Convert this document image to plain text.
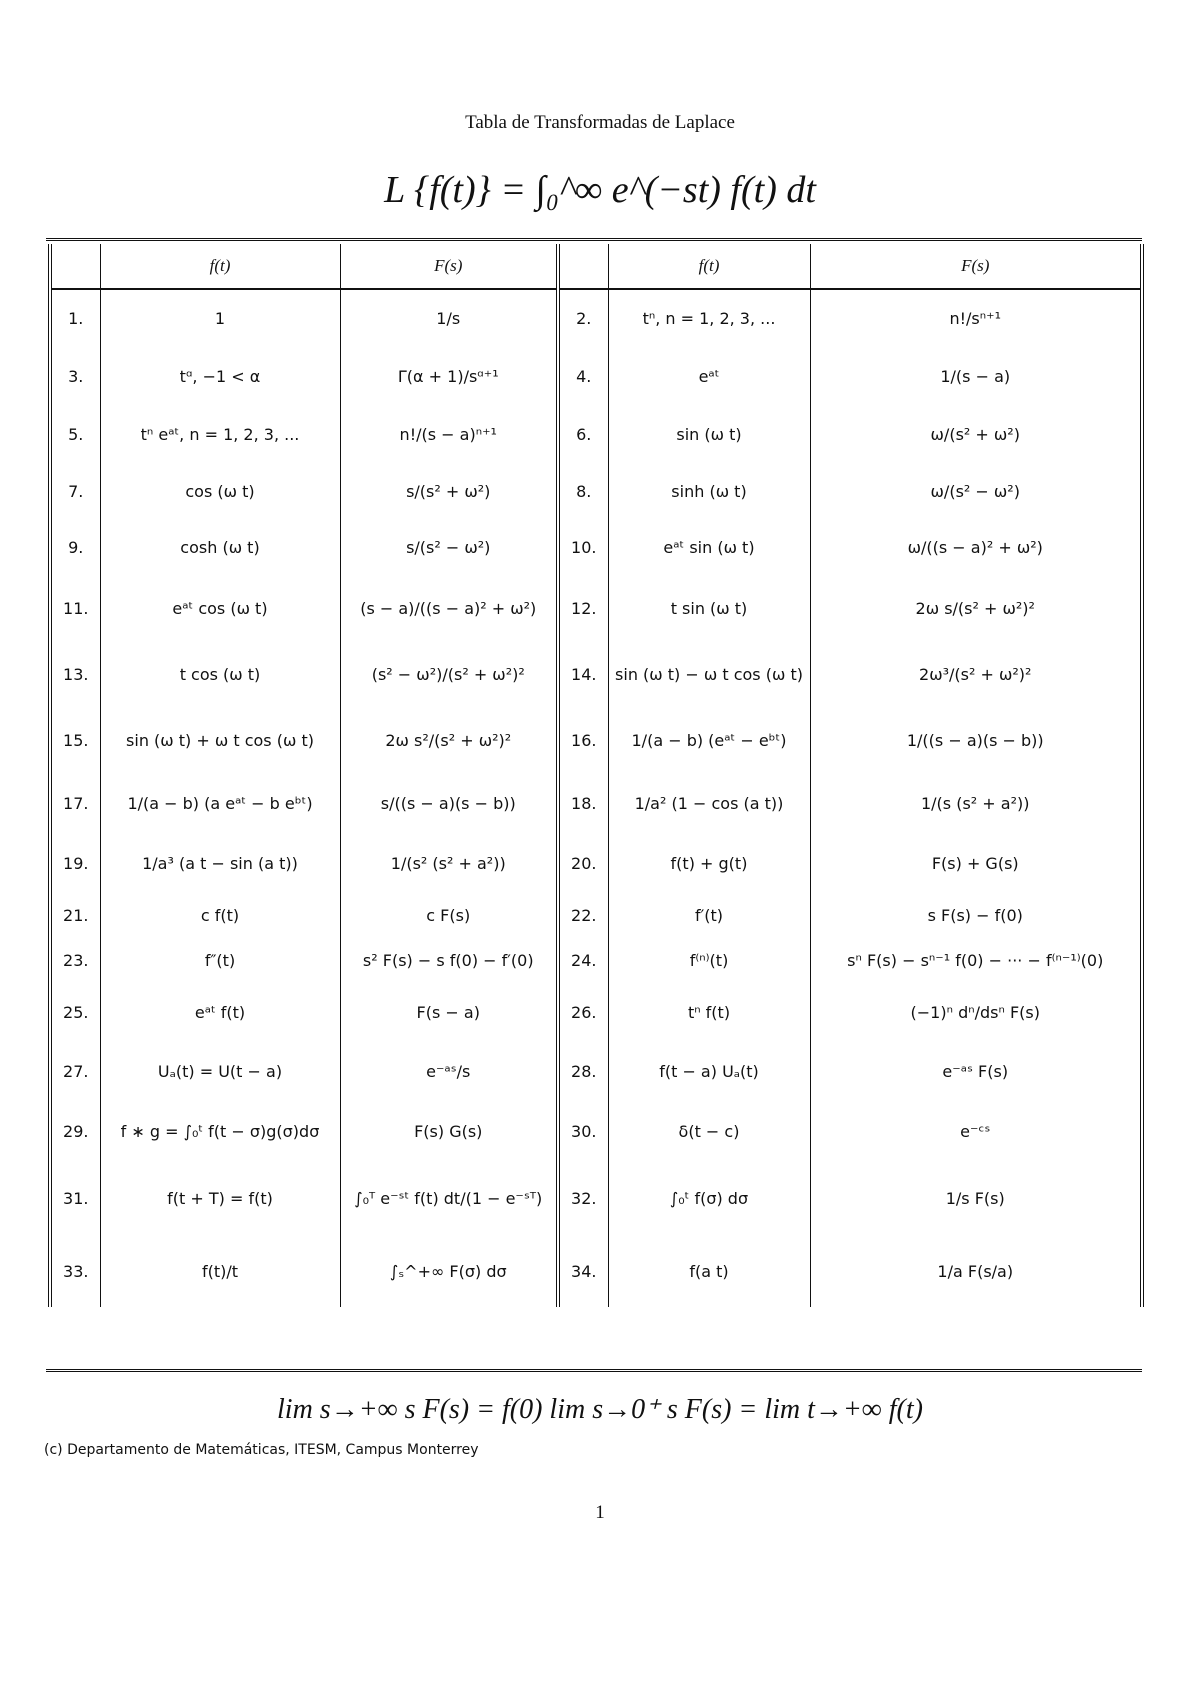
Tabla de Transformadas de Laplace
L {f(t)} = ∫₀^∞ e^(−st) f(t) dt
	f(t)	F(s)		f(t)	F(s)
1.	1	1/s	2.	tⁿ, n = 1, 2, 3, ...	n!/sⁿ⁺¹
3.	tᵅ, −1 < α	Γ(α + 1)/sᵅ⁺¹	4.	eᵃᵗ	1/(s − a)
5.	tⁿ eᵃᵗ, n = 1, 2, 3, ...	n!/(s − a)ⁿ⁺¹	6.	sin (ω t)	ω/(s² + ω²)
7.	cos (ω t)	s/(s² + ω²)	8.	sinh (ω t)	ω/(s² − ω²)
9.	cosh (ω t)	s/(s² − ω²)	10.	eᵃᵗ sin (ω t)	ω/((s − a)² + ω²)
11.	eᵃᵗ cos (ω t)	(s − a)/((s − a)² + ω²)	12.	t sin (ω t)	2ω s/(s² + ω²)²
13.	t cos (ω t)	(s² − ω²)/(s² + ω²)²	14.	sin (ω t) − ω t cos (ω t)	2ω³/(s² + ω²)²
15.	sin (ω t) + ω t cos (ω t)	2ω s²/(s² + ω²)²	16.	1/(a − b) (eᵃᵗ − eᵇᵗ)	1/((s − a)(s − b))
17.	1/(a − b) (a eᵃᵗ − b eᵇᵗ)	s/((s − a)(s − b))	18.	1/a² (1 − cos (a t))	1/(s (s² + a²))
19.	1/a³ (a t − sin (a t))	1/(s² (s² + a²))	20.	f(t) + g(t)	F(s) + G(s)
21.	c f(t)	c F(s)	22.	f′(t)	s F(s) − f(0)
23.	f″(t)	s² F(s) − s f(0) − f′(0)	24.	f⁽ⁿ⁾(t)	sⁿ F(s) − sⁿ⁻¹ f(0) − ··· − f⁽ⁿ⁻¹⁾(0)
25.	eᵃᵗ f(t)	F(s − a)	26.	tⁿ f(t)	(−1)ⁿ dⁿ/dsⁿ F(s)
27.	Uₐ(t) = U(t − a)	e⁻ᵃˢ/s	28.	f(t − a) Uₐ(t)	e⁻ᵃˢ F(s)
29.	f ∗ g = ∫₀ᵗ f(t − σ)g(σ)dσ	F(s) G(s)	30.	δ(t − c)	e⁻ᶜˢ
31.	f(t + T) = f(t)	∫₀ᵀ e⁻ˢᵗ f(t) dt/(1 − e⁻ˢᵀ)	32.	∫₀ᵗ f(σ) dσ	1/s F(s)
33.	f(t)/t	∫ₛ^+∞ F(σ) dσ	34.	f(a t)	1/a F(s/a)
lim s→+∞ s F(s) = f(0) lim s→0⁺ s F(s) = lim t→+∞ f(t)
(c) Departamento de Matemáticas, ITESM, Campus Monterrey
1
